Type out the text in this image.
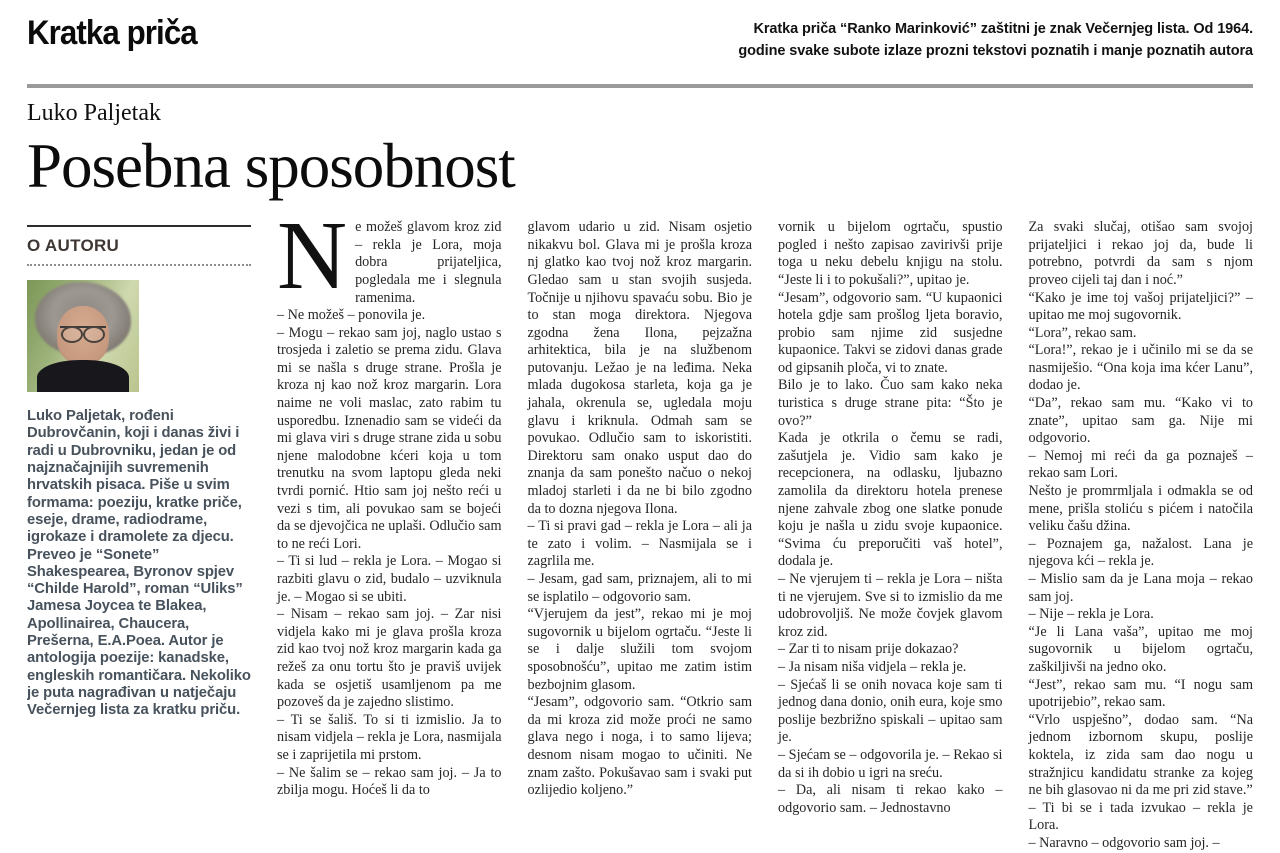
Kratka priča	Kratka priča “Ranko Marinković” zaštitni je znak Večernjeg lista. Od 1964.
godine svake subote izlaze prozni tekstovi poznatih i manje poznatih autora
Luko Paljetak
Posebna sposobnost
O AUTORU
Luko Paljetak, rođeni Dubrovčanin, koji i danas živi i radi u Dubrovniku, jedan je od najznačajnijih suvremenih hrvatskih pisaca. Piše u svim formama: poeziju, kratke priče, eseje, drame, radiodrame, igrokaze i dramolete za djecu. Preveo je “Sonete” Shakespearea, Byronov spjev “Childe Harold”, roman “Uliks” Jamesa Joycea te Blakea, Apollinairea, Chaucera, Prešerna, E.A.Poea. Autor je antologija poezije: kanadske, engleskih romantičara. Nekoliko je puta nagrađivan u natječaju Večernjeg lista za kratku priču.

Ne možeš glavom kroz zid – rekla je Lora, moja dobra prijateljica, pogledala me i slegnula ramenima.

– Ne možeš – ponovila je.

– Mogu – rekao sam joj, naglo ustao s trosjeda i zaletio se prema zidu. Glava mi se našla s druge strane. Prošla je kroza nj kao nož kroz margarin. Lora naime ne voli maslac, zato rabim tu usporedbu. Iznenadio sam se videći da mi glava viri s druge strane zida u sobu njene malodobne kćeri koja u tom trenutku na svom laptopu gleda neki tvrdi pornić. Htio sam joj nešto reći u vezi s tim, ali povukao sam se bojeći da se djevojčica ne uplaši. Odlučio sam to ne reći Lori.

– Ti si lud – rekla je Lora. – Mogao si razbiti glavu o zid, budalo – uzviknula je. – Mogao si se ubiti.

– Nisam – rekao sam joj. – Zar nisi vidjela kako mi je glava prošla kroza zid kao tvoj nož kroz margarin kada ga režeš za onu tortu što je praviš uvijek kada se osjetiš usamljenom pa me pozoveš da je zajedno slistimo.

– Ti se šališ. To si ti izmislio. Ja to nisam vidjela – rekla je Lora, nasmijala se i zaprijetila mi prstom.

– Ne šalim se – rekao sam joj. – Ja to zbilja mogu. Hoćeš li da to

glavom udario u zid. Nisam osjetio nikakvu bol. Glava mi je prošla kroza nj glatko kao tvoj nož kroz margarin. Gledao sam u stan svojih susjeda. Točnije u njihovu spavaću sobu. Bio je to stan moga direktora. Njegova zgodna žena Ilona, pejzažna arhitektica, bila je na službenom putovanju. Ležao je na leđima. Neka mlada dugokosa starleta, koja ga je jahala, okrenula se, ugledala moju glavu i kriknula. Odmah sam se povukao. Odlučio sam to iskoristiti. Direktoru sam onako usput dao do znanja da sam ponešto načuo o nekoj mladoj starleti i da ne bi bilo zgodno da to dozna njegova Ilona.

– Ti si pravi gad – rekla je Lora – ali ja te zato i volim. – Nasmijala se i zagrlila me.

– Jesam, gad sam, priznajem, ali to mi se isplatilo – odgovorio sam.

“Vjerujem da jest”, rekao mi je moj sugovornik u bijelom ogrtaču. “Jeste li se i dalje služili tom svojom sposobnošću”, upitao me zatim istim bezbojnim glasom.

“Jesam”, odgovorio sam. “Otkrio sam da mi kroza zid može proći ne samo glava nego i noga, i to samo lijeva; desnom nisam mogao to učiniti. Ne znam zašto. Pokušavao sam i svaki put ozlijedio koljeno.”

vornik u bijelom ogrtaču, spustio pogled i nešto zapisao zavirivši prije toga u neku debelu knjigu na stolu. “Jeste li i to pokušali?”, upitao je.

“Jesam”, odgovorio sam. “U kupaonici hotela gdje sam prošlog ljeta boravio, probio sam njime zid susjedne kupaonice. Takvi se zidovi danas grade od gipsanih ploča, vi to znate.

Bilo je to lako. Čuo sam kako neka turistica s druge strane pita: “Što je ovo?”

Kada je otkrila o čemu se radi, zašutjela je. Vidio sam kako je recepcionera, na odlasku, ljubazno zamolila da direktoru hotela prenese njene zahvale zbog one slatke ponude koju je našla u zidu svoje kupaonice. “Svima ću preporučiti vaš hotel”, dodala je.

– Ne vjerujem ti – rekla je Lora – ništa ti ne vjerujem. Sve si to izmislio da me udobrovoljiš. Ne može čovjek glavom kroz zid.

– Zar ti to nisam prije dokazao?

– Ja nisam niša vidjela – rekla je.

– Sjećaš li se onih novaca koje sam ti jednog dana donio, onih eura, koje smo poslije bezbrižno spiskali – upitao sam je.

– Sjećam se – odgovorila je. – Rekao si da si ih dobio u igri na sreću.

– Da, ali nisam ti rekao kako – odgovorio sam. – Jednostavno

Za svaki slučaj, otišao sam svojoj prijateljici i rekao joj da, bude li potrebno, potvrdi da sam s njom proveo cijeli taj dan i noć.”

“Kako je ime toj vašoj prijateljici?” – upitao me moj sugovornik.

“Lora”, rekao sam.

“Lora!”, rekao je i učinilo mi se da se nasmiješio. “Ona koja ima kćer Lanu”, dodao je.

“Da”, rekao sam mu. “Kako vi to znate”, upitao sam ga. Nije mi odgovorio.

– Nemoj mi reći da ga poznaješ – rekao sam Lori.

Nešto je promrmljala i odmakla se od mene, prišla stoliću s pićem i natočila veliku čašu džina.

– Poznajem ga, nažalost. Lana je njegova kći – rekla je.

– Mislio sam da je Lana moja – rekao sam joj.

– Nije – rekla je Lora.

“Je li Lana vaša”, upitao me moj sugovornik u bijelom ogrtaču, zaškiljivši na jedno oko.

“Jest”, rekao sam mu. “I nogu sam upotrijebio”, rekao sam.

“Vrlo uspješno”, dodao sam. “Na jednom izbornom skupu, poslije koktela, iz zida sam dao nogu u stražnjicu kandidatu stranke za kojeg ne bih glasovao ni da me pri zid stave.”

– Ti bi se i tada izvukao – rekla je Lora.

– Naravno – odgovorio sam joj. –
